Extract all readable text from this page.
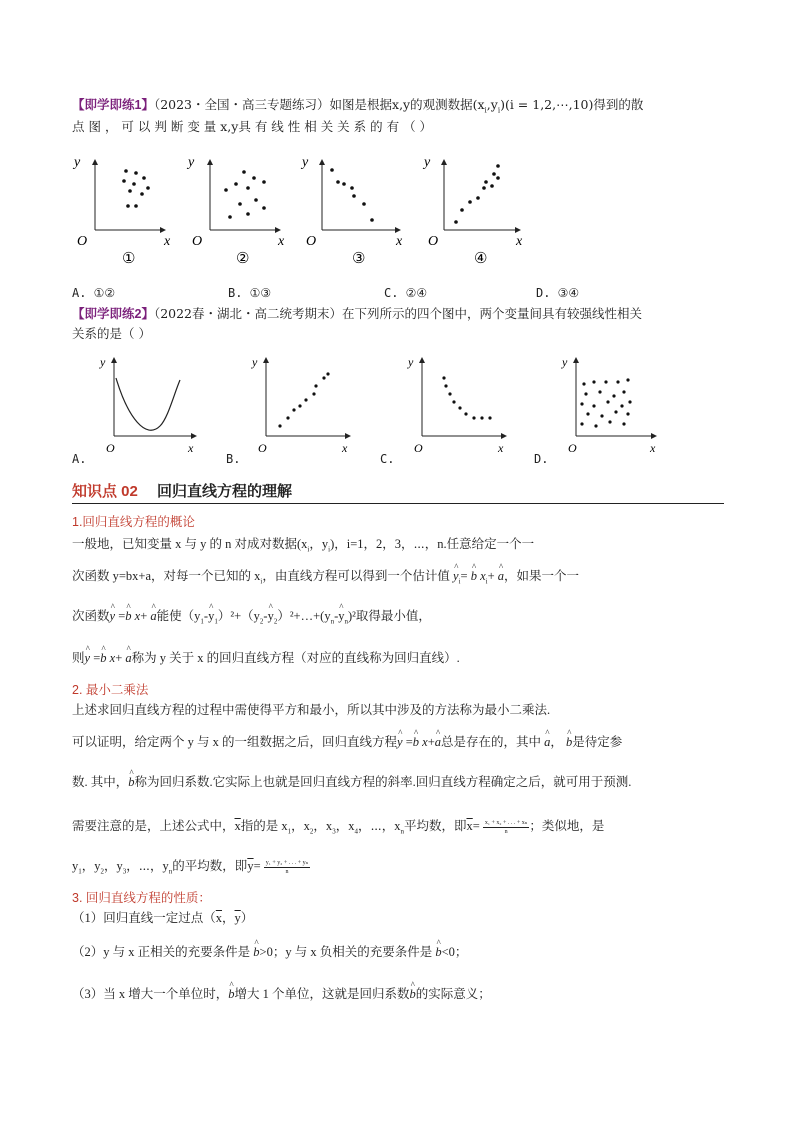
【即学即练1】（2023・全国・高三专题练习）如图是根据x,y的观测数据$(x_i,y_i)(i$ = 1,2,⋯,10)得到的散
点 图 ， 可 以 判 断 变 量 x,y具 有 线 性 相 关 关 系 的 有 （ ）
y
x
O
①
y
x
O
②
y
x
O
③
y
x
O
④
A. ①②	B. ①③	C. ②④	D. ③④
【即学即练2】（2022春・湖北・高二统考期末）在下列所示的四个图中，两个变量间具有较强线性相关
关系的是（ ）
y
x
O
y
x
O
y
x
O
y
x
O
A.	B.	C.	D.
知识点 02 回归直线方程的理解
1.回归直线方程的概论
一般地，已知变量 x 与 y 的 n 对成对数据($x_i$，$y_i$)，i=1，2，3，⋯，n.任意给定一个一
次函数 y=bx+a，对每一个已知的 $x_i$，由直线方程可以得到一个估计值 ^ $y_i=$ ^ b $x_i+$ ^ a，如果一个一
次函数^ y =^ b x+ ^ a能使（$y_1-\^{}$ $y_1)^2+(y_2-\^{}$ $y_2)^2+\dots+(y_n-\^{}$ $y_n)^2$取得最小值，
则^ y =^ b x+ ^ a称为 y 关于 x 的回归直线方程（对应的直线称为回归直线）.
2. 最小二乘法
上述求回归直线方程的过程中需使得平方和最小，所以其中涉及的方法称为最小二乘法.
可以证明，给定两个 y 与 x 的一组数据之后，回归直线方程^ y =^ b x+^ a总是存在的，其中 ^ a， ^ b是待定参
数. 其中，^ b称为回归系数.它实际上也就是回归直线方程的斜率.回归直线方程确定之后，就可用于预测.
需要注意的是，上述公式中，$\overline{x}$指的是 $x_1$，$x_2$，$x_3$，$x_4$，⋯，$x_n$平均数，即$\overline{x}= \frac{\text{x₁ + x₂ + . . . + xₙ}}{n}$ ；类似地，是
$y_1$，$y_2$，$y_3$，⋯，$y_n$的平均数，即$\overline{y}= \frac{\text{y₁ + y₂ + . . . + yₙ}}{n}$
3. 回归直线方程的性质：
（1）回归直线一定过点（$\overline{x}$，$\overline{y}$）
（2）y 与 x 正相关的充要条件是 ^ b>0；y 与 x 负相关的充要条件是 ^ b<0；
（3）当 x 增大一个单位时，^ b增大 1 个单位，这就是回归系数^ b的实际意义；
